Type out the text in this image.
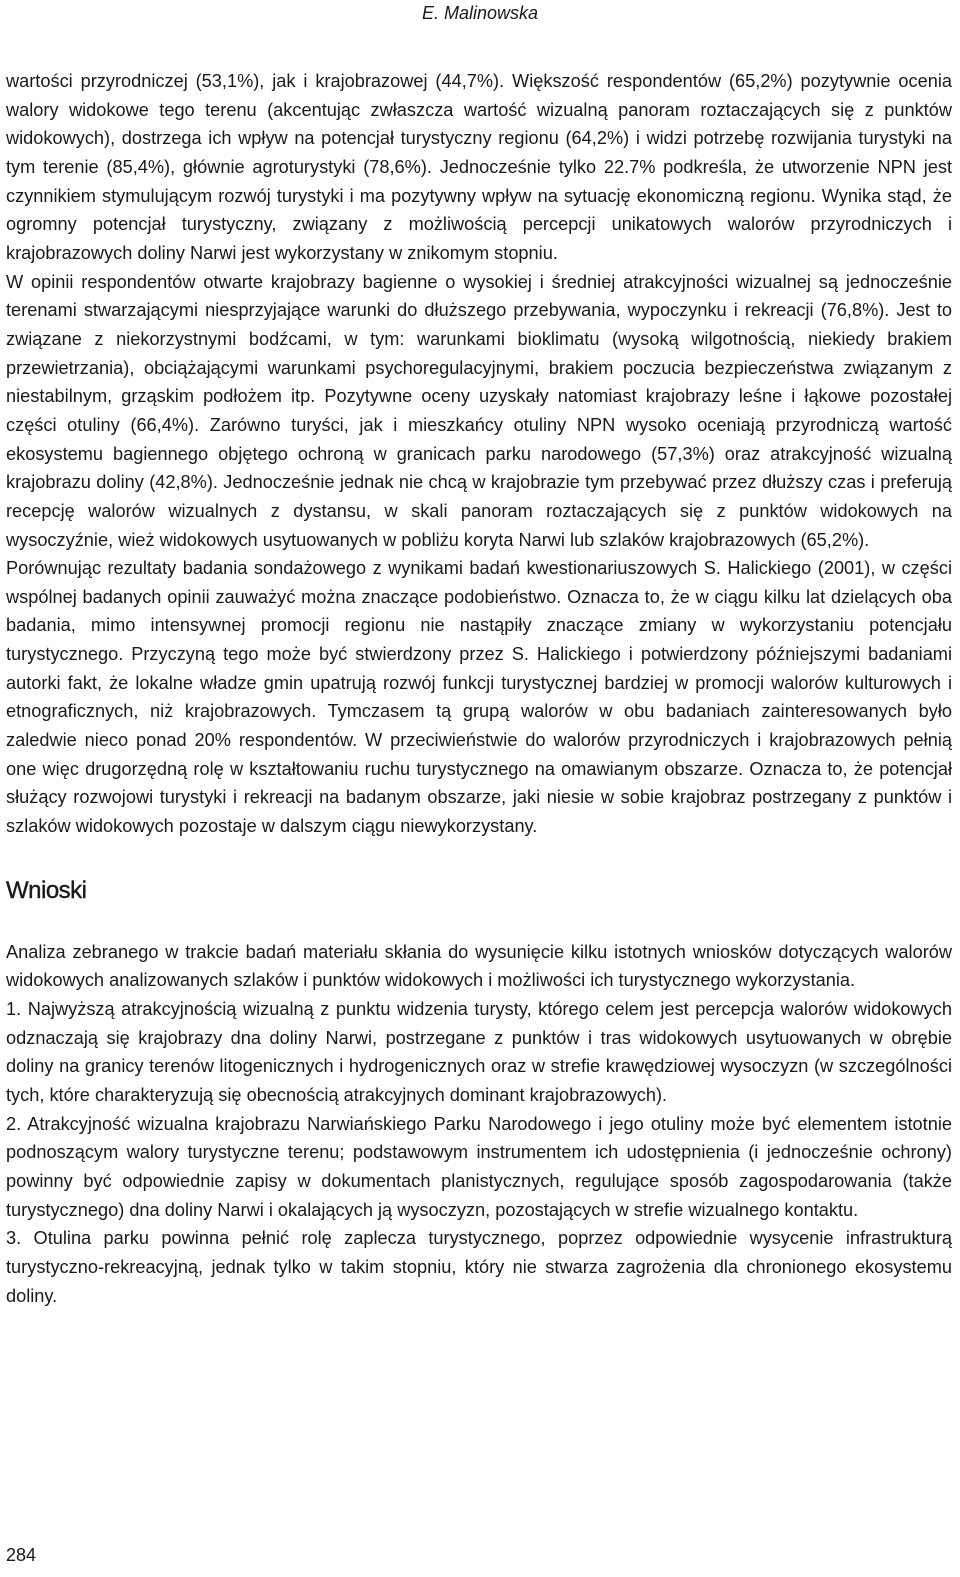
E. Malinowska

wartości przyrodniczej (53,1%), jak i krajobrazowej (44,7%). Większość respondentów (65,2%) pozytywnie ocenia walory widokowe tego terenu (akcentując zwłaszcza wartość wizualną panoram roztaczających się z punktów widokowych), dostrzega ich wpływ na potencjał turystyczny regionu (64,2%) i widzi potrzebę rozwijania turystyki na tym terenie (85,4%), głównie agroturystyki (78,6%). Jednocześnie tylko 22.7% podkreśla, że utworzenie NPN jest czynnikiem stymulującym rozwój turystyki i ma pozytywny wpływ na sytuację ekonomiczną regionu. Wynika stąd, że ogromny potencjał turystyczny, związany z możliwością percepcji unikatowych walorów przyrodniczych i krajobrazowych doliny Narwi jest wykorzystany w znikomym stopniu.

W opinii respondentów otwarte krajobrazy bagienne o wysokiej i średniej atrakcyjności wizualnej są jednocześnie terenami stwarzającymi niesprzyjające warunki do dłuższego przebywania, wypoczynku i rekreacji (76,8%). Jest to związane z niekorzystnymi bodźcami, w tym: warunkami bioklimatu (wysoką wilgotnością, niekiedy brakiem przewietrzania), obciążającymi warunkami psychoregulacyjnymi, brakiem poczucia bezpieczeństwa związanym z niestabilnym, grząskim podłożem itp. Pozytywne oceny uzyskały natomiast krajobrazy leśne i łąkowe pozostałej części otuliny (66,4%). Zarówno turyści, jak i mieszkańcy otuliny NPN wysoko oceniają przyrodniczą wartość ekosystemu bagiennego objętego ochroną w granicach parku narodowego (57,3%) oraz atrakcyjność wizualną krajobrazu doliny (42,8%). Jednocześnie jednak nie chcą w krajobrazie tym przebywać przez dłuższy czas i preferują recepcję walorów wizualnych z dystansu, w skali panoram roztaczających się z punktów widokowych na wysoczyźnie, wież widokowych usytuowanych w pobliżu koryta Narwi lub szlaków krajobrazowych (65,2%).

Porównując rezultaty badania sondażowego z wynikami badań kwestionariuszowych S. Halickiego (2001), w części wspólnej badanych opinii zauważyć można znaczące podobieństwo. Oznacza to, że w ciągu kilku lat dzielących oba badania, mimo intensywnej promocji regionu nie nastąpiły znaczące zmiany w wykorzystaniu potencjału turystycznego. Przyczyną tego może być stwierdzony przez S. Halickiego i potwierdzony późniejszymi badaniami autorki fakt, że lokalne władze gmin upatrują rozwój funkcji turystycznej bardziej w promocji walorów kulturowych i etnograficznych, niż krajobrazowych. Tymczasem tą grupą walorów w obu badaniach zainteresowanych było zaledwie nieco ponad 20% respondentów. W przeciwieństwie do walorów przyrodniczych i krajobrazowych pełnią one więc drugorzędną rolę w kształtowaniu ruchu turystycznego na omawianym obszarze. Oznacza to, że potencjał służący rozwojowi turystyki i rekreacji na badanym obszarze, jaki niesie w sobie krajobraz postrzegany z punktów i szlaków widokowych pozostaje w dalszym ciągu niewykorzystany.

Wnioski

Analiza zebranego w trakcie badań materiału skłania do wysunięcie kilku istotnych wniosków dotyczących walorów widokowych analizowanych szlaków i punktów widokowych i możliwości ich turystycznego wykorzystania.

1. Najwyższą atrakcyjnością wizualną z punktu widzenia turysty, którego celem jest percepcja walorów widokowych odznaczają się krajobrazy dna doliny Narwi, postrzegane z punktów i tras widokowych usytuowanych w obrębie doliny na granicy terenów litogenicznych i hydrogenicznych oraz w strefie krawędziowej wysoczyzn (w szczególności tych, które charakteryzują się obecnością atrakcyjnych dominant krajobrazowych).

2. Atrakcyjność wizualna krajobrazu Narwiańskiego Parku Narodowego i jego otuliny może być elementem istotnie podnoszącym walory turystyczne terenu; podstawowym instrumentem ich udostępnienia (i jednocześnie ochrony) powinny być odpowiednie zapisy w dokumentach planistycznych, regulujące sposób zagospodarowania (także turystycznego) dna doliny Narwi i okalających ją wysoczyzn, pozostających w strefie wizualnego kontaktu.

3. Otulina parku powinna pełnić rolę zaplecza turystycznego, poprzez odpowiednie wysycenie infrastrukturą turystyczno-rekreacyjną, jednak tylko w takim stopniu, który nie stwarza zagrożenia dla chronionego ekosystemu doliny.

284
